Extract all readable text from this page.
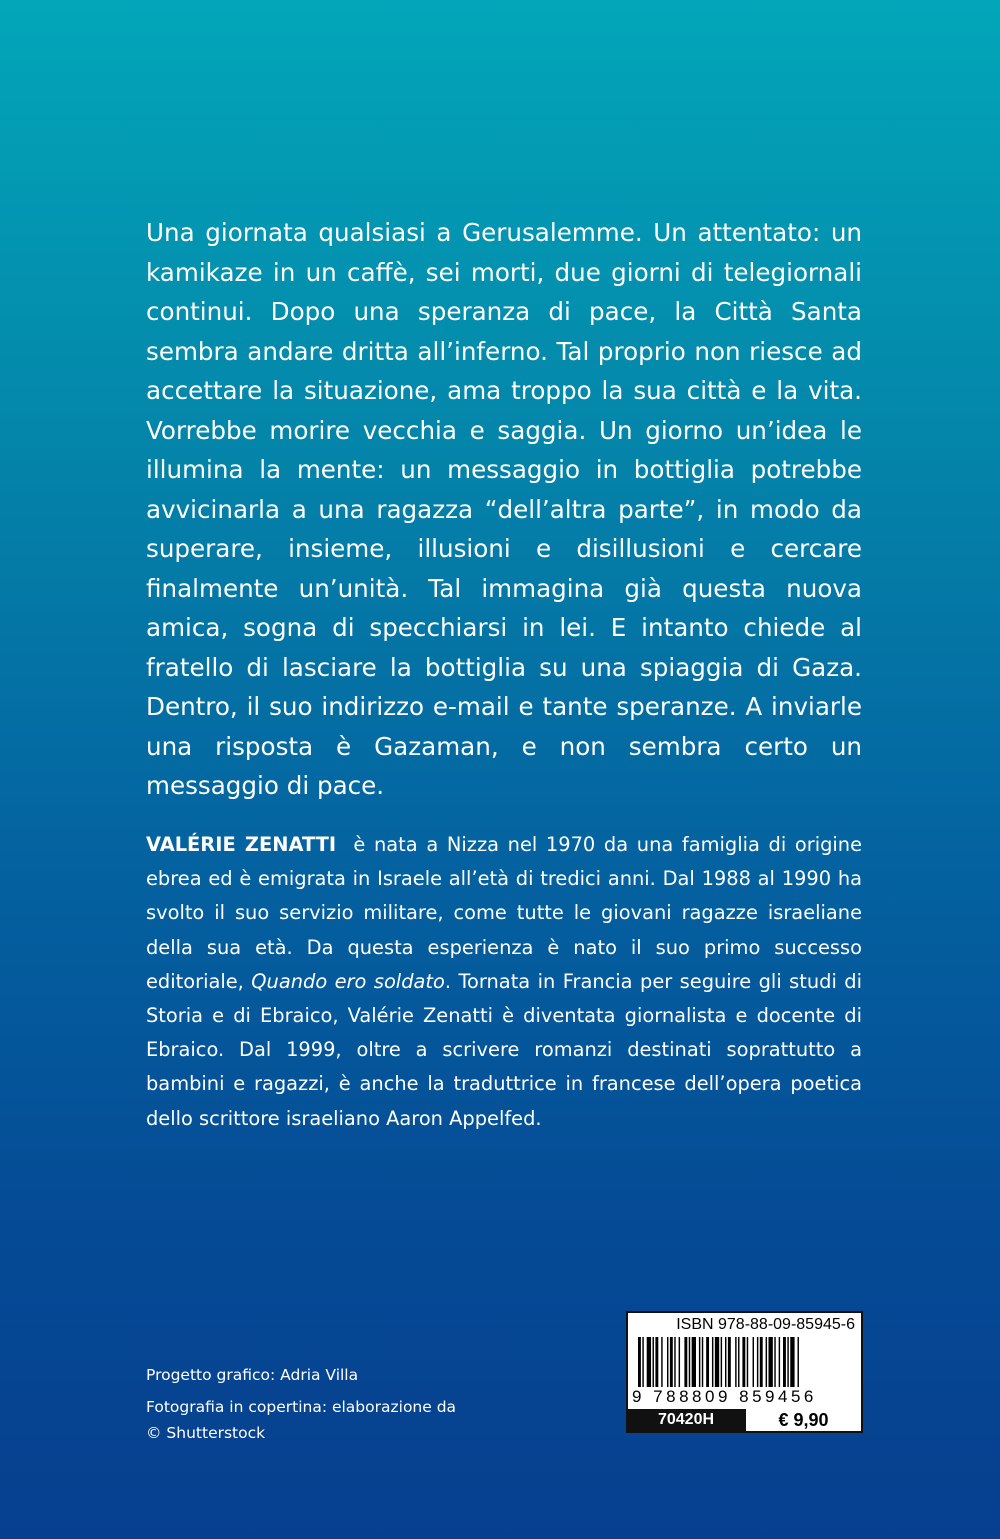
Una giornata qualsiasi a Gerusalemme. Un attentato: un kamikaze in un caffè, sei morti, due giorni di telegiornali continui. Dopo una speranza di pace, la Città Santa sembra andare dritta all’inferno. Tal proprio non riesce ad accettare la situazione, ama troppo la sua città e la vita. Vorrebbe morire vecchia e saggia. Un giorno un’idea le illumina la mente: un messaggio in bottiglia potrebbe avvicinarla a una ragazza “dell’altra parte”, in modo da superare, insieme, illusioni e disillusioni e cercare finalmente un’unità. Tal immagina già questa nuova amica, sogna di specchiarsi in lei. E intanto chiede al fratello di lasciare la bottiglia su una spiaggia di Gaza. Dentro, il suo indirizzo e-mail e tante speranze. A inviarle una risposta è Gazaman, e non sembra certo un messaggio di pace.

VALÉRIE ZENATTI è nata a Nizza nel 1970 da una famiglia di origine ebrea ed è emigrata in Israele all’età di tredici anni. Dal 1988 al 1990 ha svolto il suo servizio militare, come tutte le giovani ragazze israeliane della sua età. Da questa esperienza è nato il suo primo successo editoriale, Quando ero soldato. Tornata in Francia per seguire gli studi di Storia e di Ebraico, Valérie Zenatti è diventata giornalista e docente di Ebraico. Dal 1999, oltre a scrivere romanzi destinati soprattutto a bambini e ragazzi, è anche la traduttrice in francese dell’opera poetica dello scrittore israeliano Aaron Appelfed.

Progetto grafico: Adria Villa
Fotografia in copertina: elaborazione da
© Shutterstock
ISBN 978-88-09-85945-6
9 788809 859456
70420H	€ 9,90
